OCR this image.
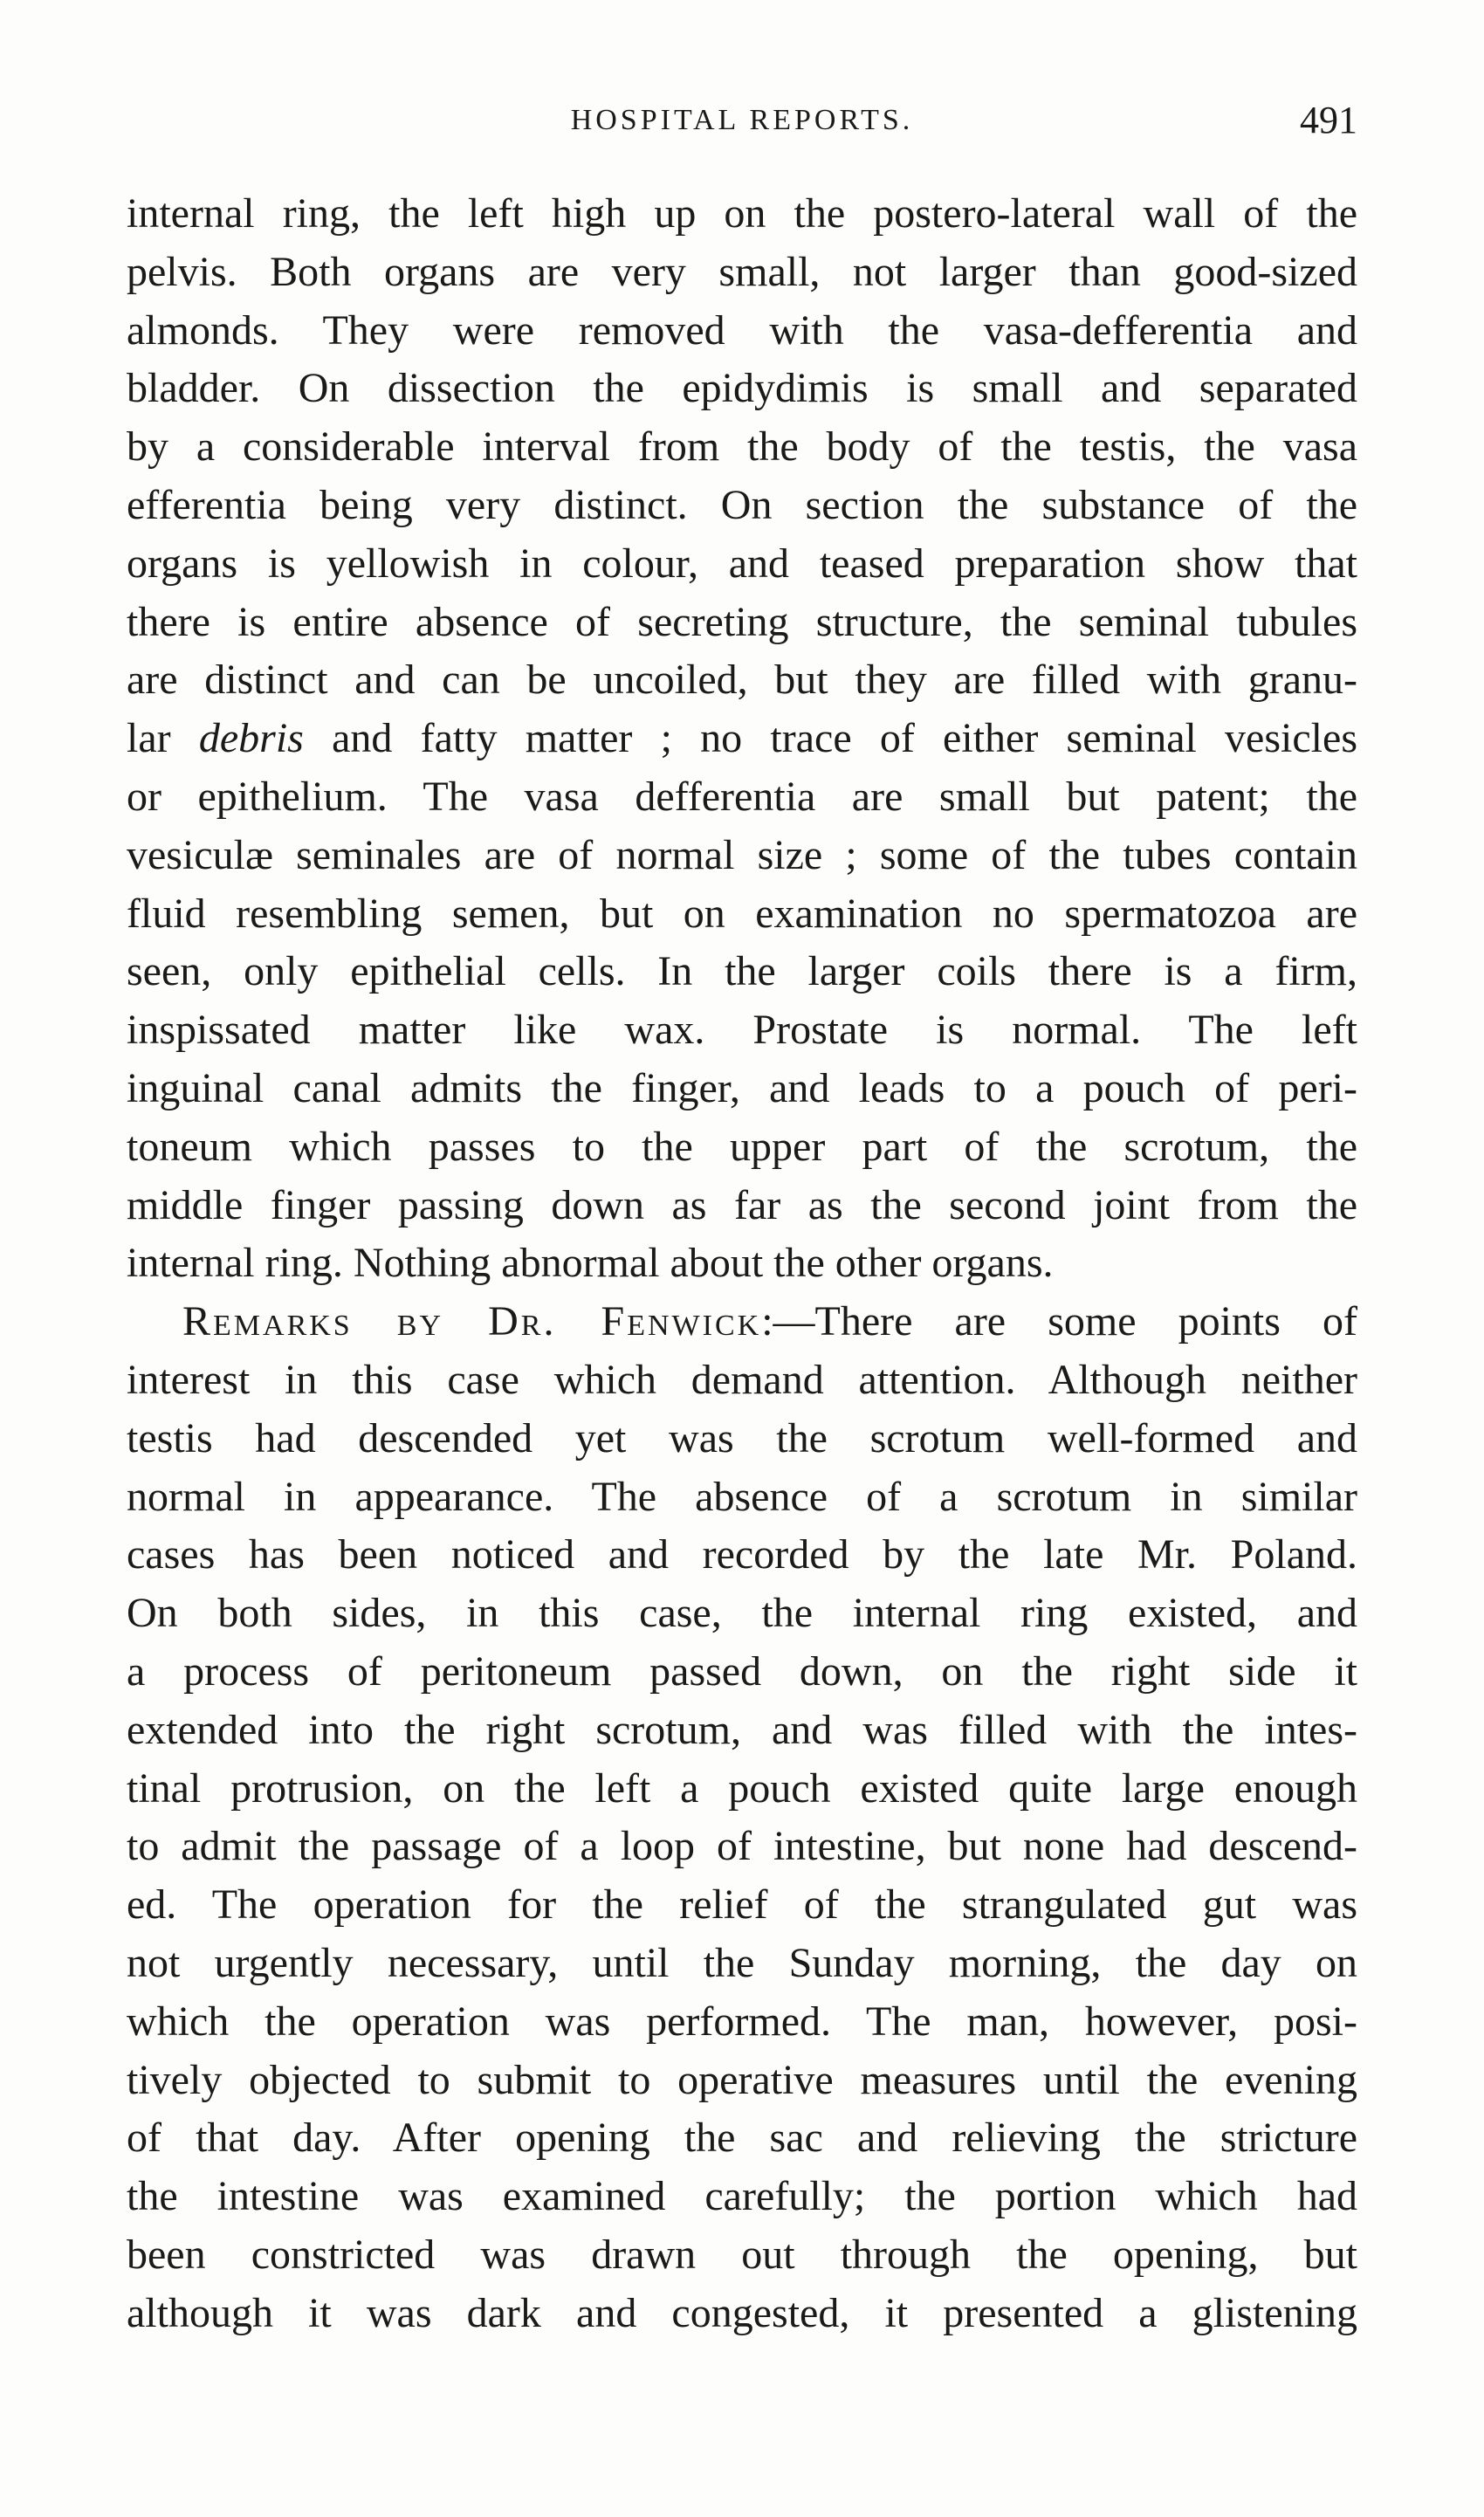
HOSPITAL REPORTS.	491
internal ring, the left high up on the postero-lateral wall of the
pelvis. Both organs are very small, not larger than good-sized
almonds. They were removed with the vasa-defferentia and
bladder. On dissection the epidydimis is small and separated
by a considerable interval from the body of the testis, the vasa
efferentia being very distinct. On section the substance of the
organs is yellowish in colour, and teased preparation show that
there is entire absence of secreting structure, the seminal tubules
are distinct and can be uncoiled, but they are filled with granu-
lar debris and fatty matter ; no trace of either seminal vesicles
or epithelium. The vasa defferentia are small but patent; the
vesiculæ seminales are of normal size ; some of the tubes contain
fluid resembling semen, but on examination no spermatozoa are
seen, only epithelial cells. In the larger coils there is a firm,
inspissated matter like wax. Prostate is normal. The left
inguinal canal admits the finger, and leads to a pouch of peri-
toneum which passes to the upper part of the scrotum, the
middle finger passing down as far as the second joint from the
internal ring. Nothing abnormal about the other organs.
Remarks by Dr. Fenwick:—There are some points of
interest in this case which demand attention. Although neither
testis had descended yet was the scrotum well-formed and
normal in appearance. The absence of a scrotum in similar
cases has been noticed and recorded by the late Mr. Poland.
On both sides, in this case, the internal ring existed, and
a process of peritoneum passed down, on the right side it
extended into the right scrotum, and was filled with the intes-
tinal protrusion, on the left a pouch existed quite large enough
to admit the passage of a loop of intestine, but none had descend-
ed. The operation for the relief of the strangulated gut was
not urgently necessary, until the Sunday morning, the day on
which the operation was performed. The man, however, posi-
tively objected to submit to operative measures until the evening
of that day. After opening the sac and relieving the stricture
the intestine was examined carefully; the portion which had
been constricted was drawn out through the opening, but
although it was dark and congested, it presented a glistening
